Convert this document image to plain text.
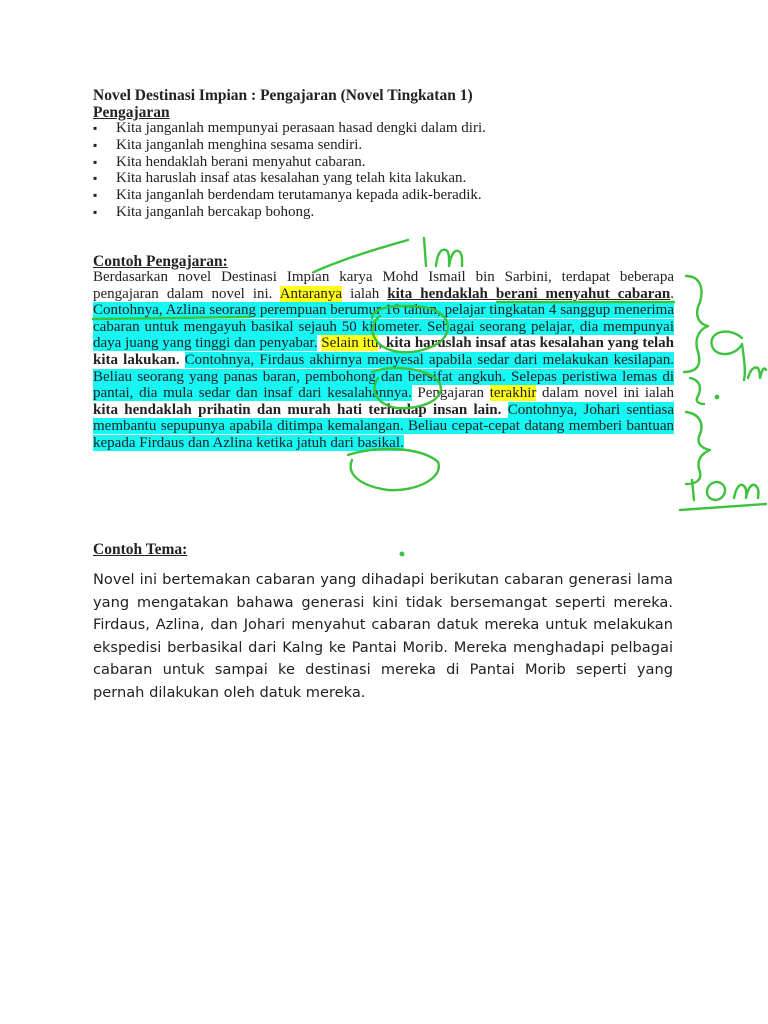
Novel Destinasi Impian : Pengajaran (Novel Tingkatan 1)
Pengajaran
▪ Kita janganlah mempunyai perasaan hasad dengki dalam diri.
▪ Kita janganlah menghina sesama sendiri.
▪ Kita hendaklah berani menyahut cabaran.
▪ Kita haruslah insaf atas kesalahan yang telah kita lakukan.
▪ Kita janganlah berdendam terutamanya kepada adik-beradik.
▪ Kita janganlah bercakap bohong.
Contoh Pengajaran:
Berdasarkan novel Destinasi Impian karya Mohd Ismail bin Sarbini, terdapat beberapa pengajaran dalam novel ini. Antaranya ialah kita hendaklah berani menyahut cabaran. Contohnya, Azlina seorang perempuan berumur 16 tahun, pelajar tingkatan 4 sanggup menerima cabaran untuk mengayuh basikal sejauh 50 kilometer. Sebagai seorang pelajar, dia mempunyai daya juang yang tinggi dan penyabar. Selain itu, kita haruslah insaf atas kesalahan yang telah kita lakukan. Contohnya, Firdaus akhirnya menyesal apabila sedar dari melakukan kesilapan. Beliau seorang yang panas baran, pembohong dan bersifat angkuh. Selepas peristiwa lemas di pantai, dia mula sedar dan insaf dari kesalahannya. Pengajaran terakhir dalam novel ini ialah kita hendaklah prihatin dan murah hati terhadap insan lain. Contohnya, Johari sentiasa membantu sepupunya apabila ditimpa kemalangan. Beliau cepat-cepat datang memberi bantuan kepada Firdaus dan Azlina ketika jatuh dari basikal.
Contoh Tema:
Novel ini bertemakan cabaran yang dihadapi berikutan cabaran generasi lama yang mengatakan bahawa generasi kini tidak bersemangat seperti mereka. Firdaus, Azlina, dan Johari menyahut cabaran datuk mereka untuk melakukan ekspedisi berbasikal dari Kalng ke Pantai Morib. Mereka menghadapi pelbagai cabaran untuk sampai ke destinasi mereka di Pantai Morib seperti yang pernah dilakukan oleh datuk mereka.
